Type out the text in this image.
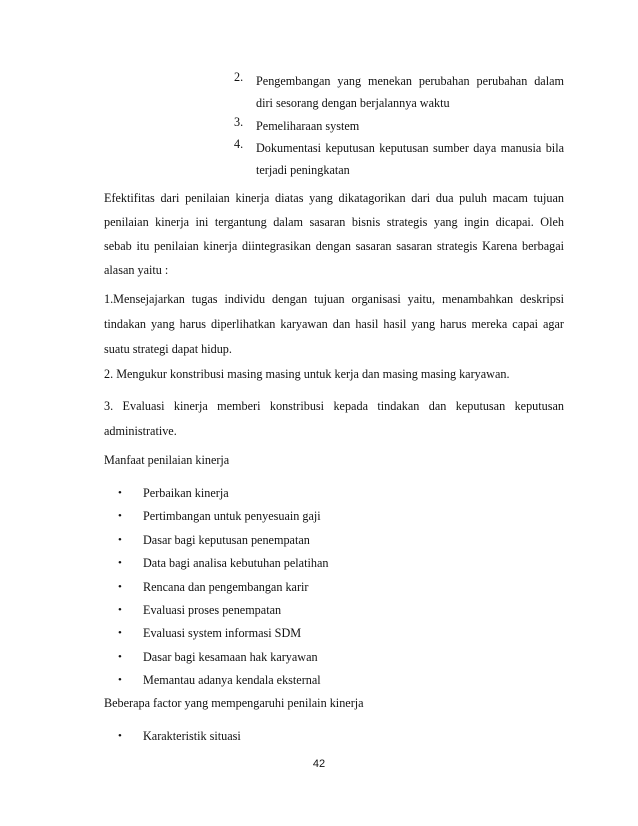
2.	Pengembangan yang menekan perubahan perubahan dalam
diri sesorang dengan berjalannya waktu
3.	Pemeliharaan system
4.	Dokumentasi keputusan keputusan sumber daya manusia bila
terjadi peningkatan
Efektifitas dari penilaian kinerja diatas yang dikatagorikan dari dua puluh macam tujuan
penilaian kinerja ini tergantung dalam sasaran bisnis strategis yang ingin dicapai. Oleh
sebab itu penilaian kinerja diintegrasikan dengan sasaran sasaran strategis Karena berbagai
alasan yaitu :
1.Mensejajarkan tugas individu dengan tujuan organisasi yaitu, menambahkan deskripsi
tindakan yang harus diperlihatkan karyawan dan hasil hasil yang harus mereka capai agar
suatu strategi dapat hidup.
2. Mengukur konstribusi masing masing untuk kerja dan masing masing karyawan.
3. Evaluasi kinerja memberi konstribusi kepada tindakan dan keputusan keputusan
administrative.
Manfaat penilaian kinerja
•	Perbaikan kinerja
•	Pertimbangan untuk penyesuain gaji
•	Dasar bagi keputusan penempatan
•	Data bagi analisa kebutuhan pelatihan
•	Rencana dan pengembangan karir
•	Evaluasi proses penempatan
•	Evaluasi system informasi SDM
•	Dasar bagi kesamaan hak karyawan
•	Memantau adanya kendala eksternal
Beberapa factor yang mempengaruhi penilain kinerja
•	Karakteristik situasi
42
